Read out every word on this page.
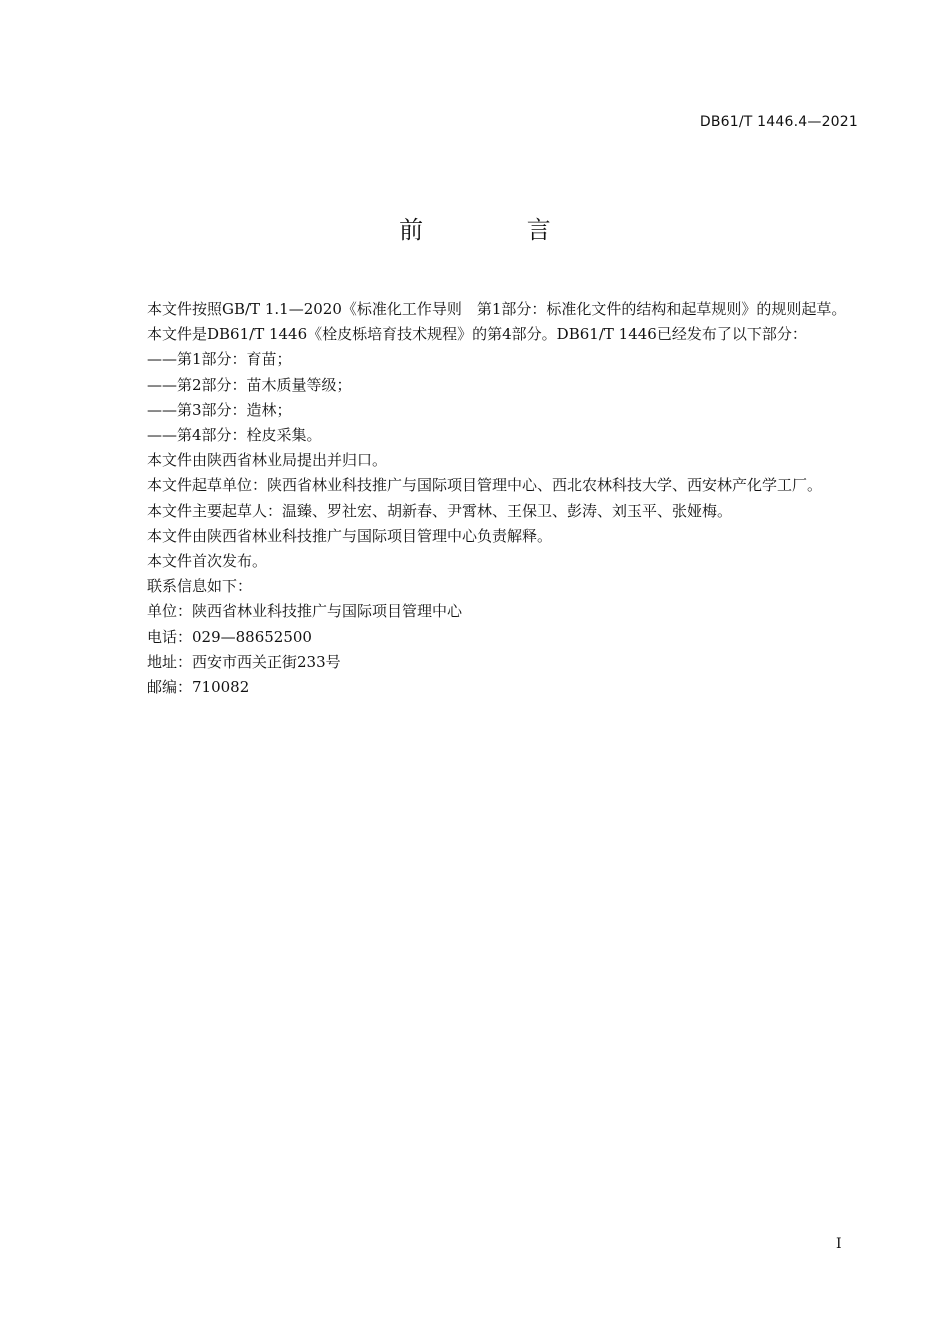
DB61/T 1446.4—2021
前 言

本文件按照GB/T 1.1—2020《标准化工作导则　第1部分：标准化文件的结构和起草规则》的规则起草。

本文件是DB61/T 1446《栓皮栎培育技术规程》的第4部分。DB61/T 1446已经发布了以下部分：

——第1部分：育苗；

——第2部分：苗木质量等级；

——第3部分：造林；

——第4部分：栓皮采集。

本文件由陕西省林业局提出并归口。

本文件起草单位：陕西省林业科技推广与国际项目管理中心、西北农林科技大学、西安林产化学工厂。

本文件主要起草人：温臻、罗社宏、胡新春、尹霄林、王保卫、彭涛、刘玉平、张娅梅。

本文件由陕西省林业科技推广与国际项目管理中心负责解释。

本文件首次发布。

联系信息如下：

单位：陕西省林业科技推广与国际项目管理中心

电话：029—88652500

地址：西安市西关正街233号

邮编：710082

I
